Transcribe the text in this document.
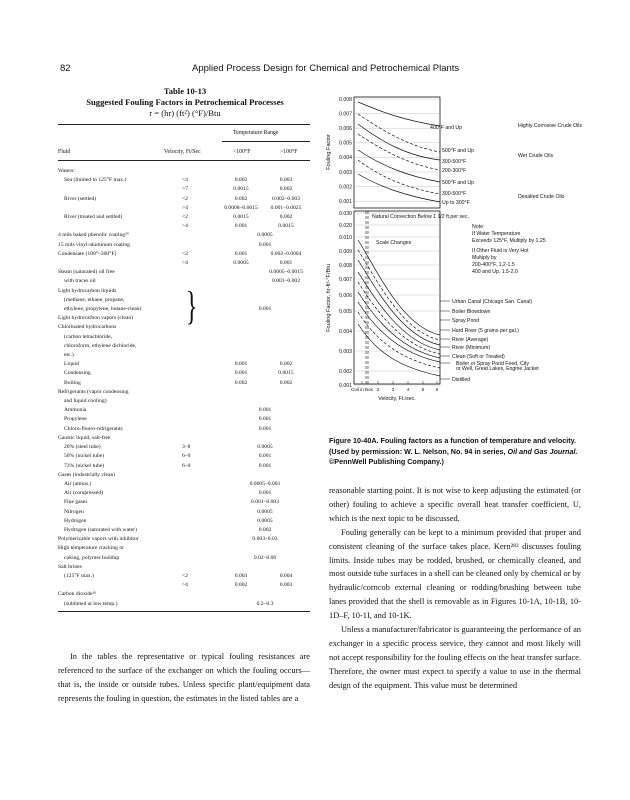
82	Applied Process Design for Chemical and Petrochemical Plants
Table 10-13
Suggested Fouling Factors in Petrochemical Processes
r = (hr) (ft²) (°F)/Btu
Temperature Range
Fluid	Velocity, Ft/Sec	<100°F	>100°F
Waters:			
Sea (limited to 125°F max.)	<4	0.002	0.003
	>7	0.0015	0.002
River (settled)	<2	0.002	0.002–0.003
	>4	0.0008–0.0015	0.001–0.0025
River (treated and settled)	<2	0.0015	0.002
	>4	0.001	0.0015
4 mils baked phenolic coating²⁹		0.0005	
15 mils vinyl-aluminum coating		0.001	
Condensate (100°–300°F)	<2	0.001	0.002–0.0004
	>4	0.0005	0.001
Steam (saturated) oil free			0.0005–0.0015
with traces oil			0.001–0.002
Light hydrocarbon liquids			
(methane, ethane, propane,			
ethylene, propylene, butane-clean)		0.001	
Light hydrocarbon vapors (clean)			
Chlorinated hydrocarbons			
(carbon tetrachloride,			
chloroform, ethylene dichloride,			
etc.)			
Liquid		0.001	0.002
Condensing		0.001	0.0015
Boiling		0.002	0.002
Refrigerants (vapor condensing			
and liquid cooling)			
Ammonia		0.001	
Propylene		0.001	
Chloro-fluoro-refrigerants		0.001	
Caustic liquid, salt-free			
20% (steel tube)	3–8	0.0005	
50% (nickel tube)	6–0	0.001	
73% (nickel tube)	6–0	0.001	
Gases (industrially clean)			
Air (atmos.)		0.0005–0.001	
Air (compressed)		0.001	
Flue gases		0.001–0.003	
Nitrogen		0.0005	
Hydrogen		0.0005	
Hydrogen (saturated with water)		0.002	
Polymerizable vapors with inhibitor		0.003–0.03	
High temperature cracking or			
coking, polymer buildup		0.02–0.06	
Salt brines			
(125°F max.)	<2	0.003	0.004
	>4	0.002	0.003
Carbon dioxide²⁶			
(sublimed at low temp.)		0.2–0.3	
}
In the tables the representative or typical fouling resistances are referenced to the surface of the exchanger on which the fouling occurs—that is, the inside or outside tubes. Unless specific plant/equipment data represents the fouling in question, the estimates in the listed tables are a
0.008
0.007
0.006
0.005
0.004
0.003
0.002
0.001
0.030
0.020
0.010
0.009
0.008
0.007
0.006
0.005
0.004
0.003
0.002
0.001
Coil in Box 2	3	4	5 6
Velocity, Ft./sec.
Fouling Factor
Fouling Factor, hr-ft²-°F/Btu
400°F and Up
500°F and Up
300-500°F
200-300°F
500°F and Up
300-500°F
Up to 300°F
Highly Corrosive Crude Oils
Wet Crude Oils
Desalted Crude Oils
Natural Convection Below 1 1/2 ft.per sec.
Scale Changes
Urban Canal (Chicago San. Canal)
Boiler Blowdown
Spray Pond
Hard River (5 grains per gal.)
River (Average)
River (Minimum)
Clean (Soft or Treated)
Boiler or Spray Pond Feed, City
or Well, Great Lakes, Engine Jacket
Distilled
Note:
If Water Temperature
Exceeds 125°F, Multiply by 1.25
If Other Fluid is Very Hot
Multiply by
200-400°F, 1.2-1.5
400 and Up, 1.5-2.0
Figure 10-40A. Fouling factors as a function of temperature and velocity. (Used by permission: W. L. Nelson, No. 94 in series, Oil and Gas Journal. ©PennWell Publishing Company.)
reasonable starting point. It is not wise to keep adjusting the estimated (or other) fouling to achieve a specific overall heat transfer coefficient, U, which is the next topic to be discussed.
Fouling generally can be kept to a minimum provided that proper and consistent cleaning of the surface takes place. Kern²⁸² discusses fouling limits. Inside tubes may be rodded, brushed, or chemically cleaned, and most outside tube surfaces in a shell can be cleaned only by chemical or by hydraulic/corncob external cleaning or rodding/brushing between tube lanes provided that the shell is removable as in Figures 10-1A, 10-1B, 10-1D–F, 10-1I, and 10-1K.
Unless a manufacturer/fabricator is guaranteeing the performance of an exchanger in a specific process service, they cannot and most likely will not accept responsibility for the fouling effects on the heat transfer surface. Therefore, the owner must expect to specify a value to use in the thermal design of the equipment. This value must be determined
